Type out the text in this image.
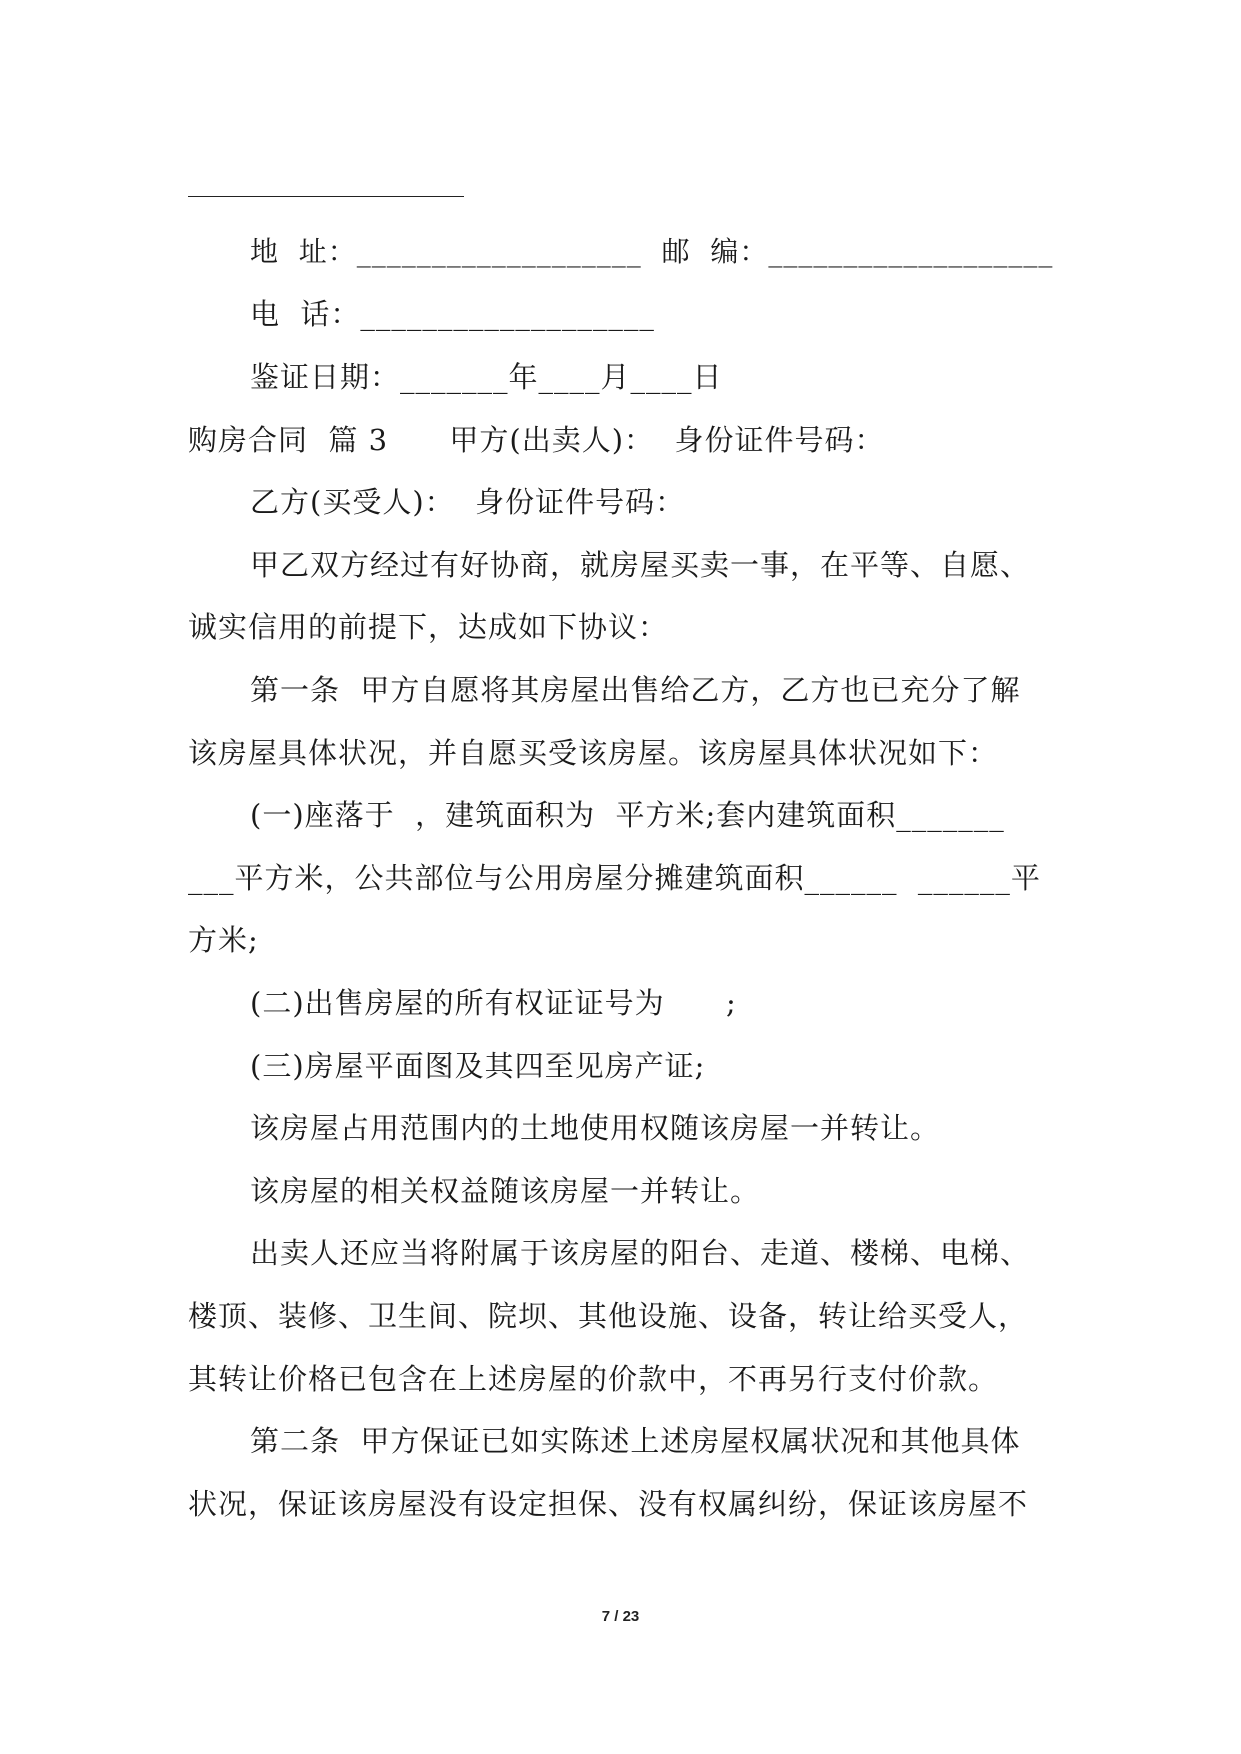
地  址：___________________  邮  编：___________________
电  话：___________________
鉴证日期：_______年____月____日
购房合同  篇 3      甲方(出卖人)：  身份证件号码：
乙方(买受人)：  身份证件号码：
甲乙双方经过有好协商，就房屋买卖一事，在平等、自愿、
诚实信用的前提下，达成如下协议：
第一条  甲方自愿将其房屋出售给乙方，乙方也已充分了解
该房屋具体状况，并自愿买受该房屋。该房屋具体状况如下：
(一)座落于  ，建筑面积为  平方米;套内建筑面积_______
___平方米，公共部位与公用房屋分摊建筑面积______  ______平
方米;
(二)出售房屋的所有权证证号为      ;
(三)房屋平面图及其四至见房产证;
该房屋占用范围内的土地使用权随该房屋一并转让。
该房屋的相关权益随该房屋一并转让。
出卖人还应当将附属于该房屋的阳台、走道、楼梯、电梯、
楼顶、装修、卫生间、院坝、其他设施、设备，转让给买受人，
其转让价格已包含在上述房屋的价款中，不再另行支付价款。
第二条  甲方保证已如实陈述上述房屋权属状况和其他具体
状况，保证该房屋没有设定担保、没有权属纠纷，保证该房屋不
7 / 23
